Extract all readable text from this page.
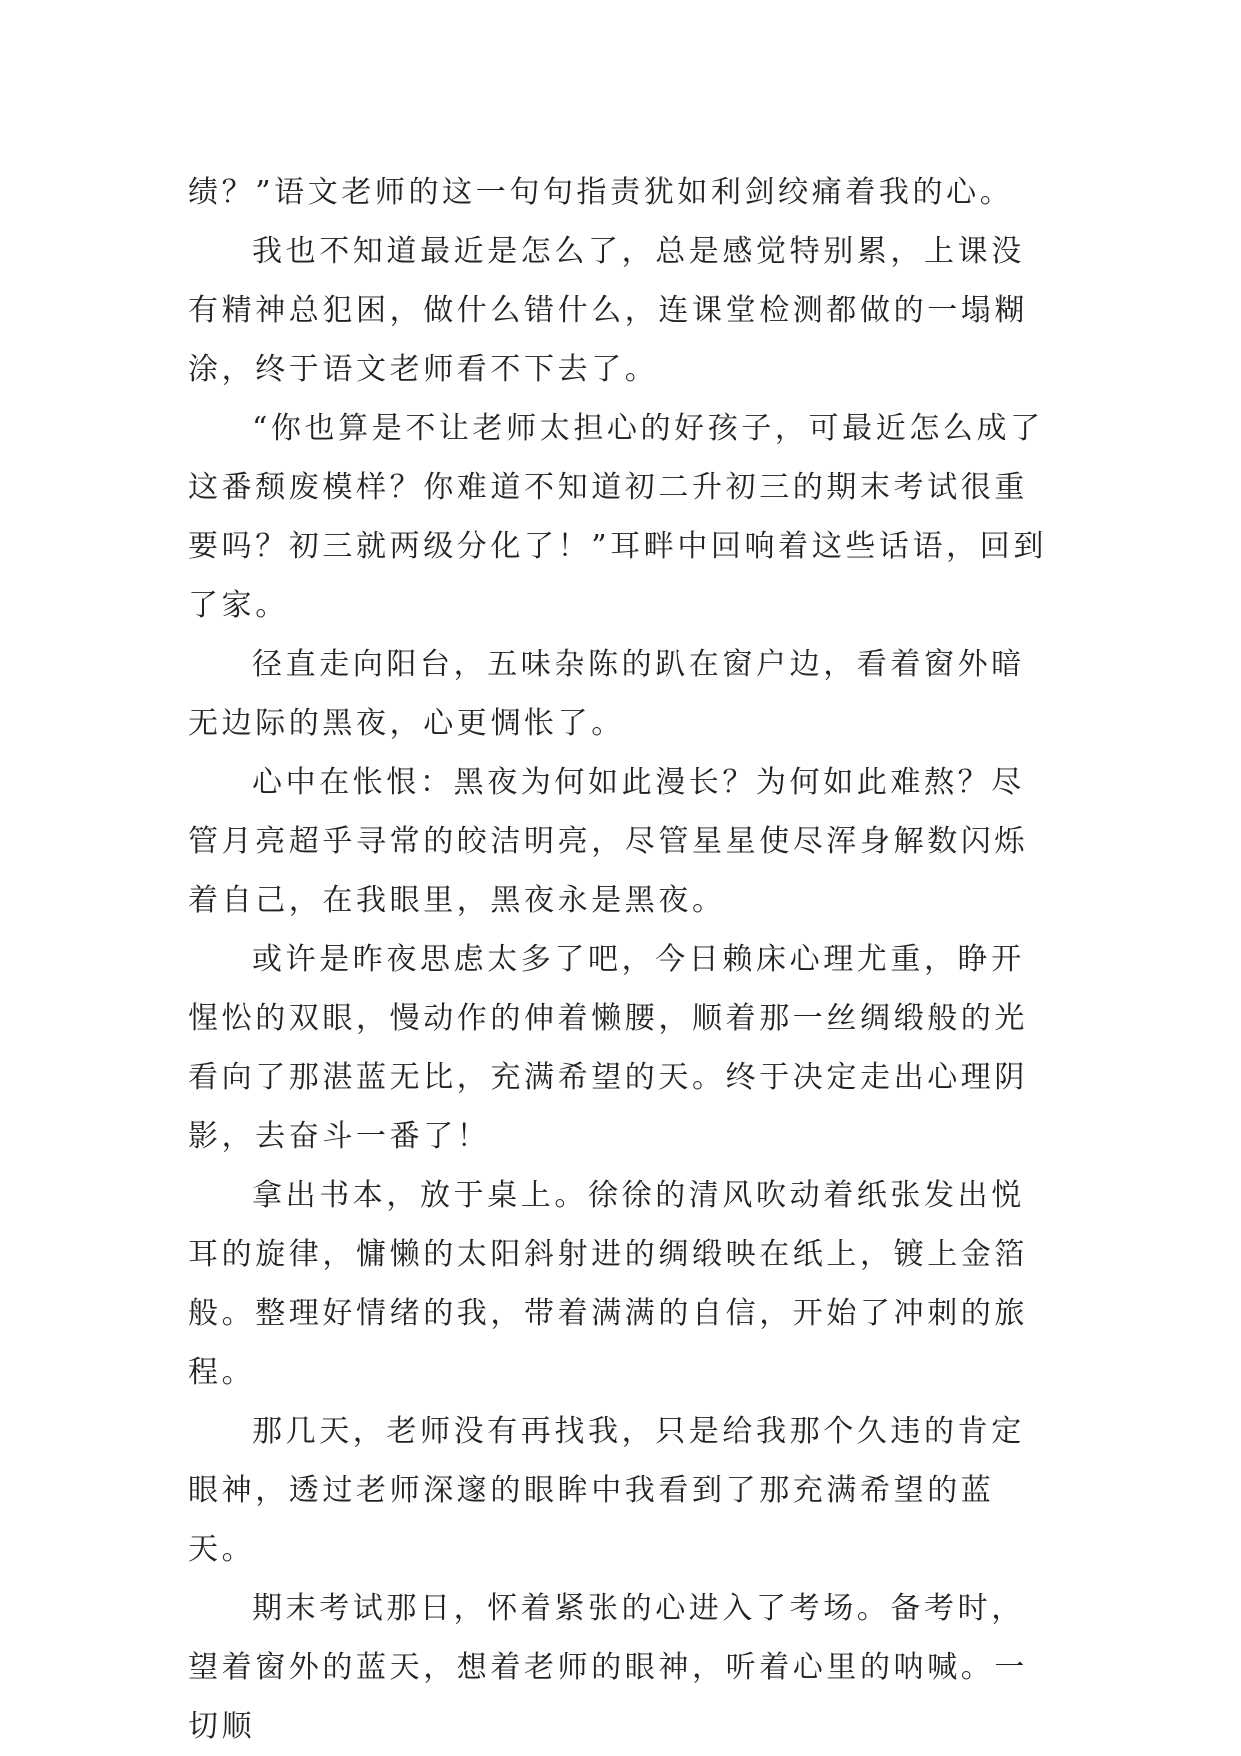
绩？”语文老师的这一句句指责犹如利剑绞痛着我的心。

我也不知道最近是怎么了，总是感觉特别累，上课没有精神总犯困，做什么错什么，连课堂检测都做的一塌糊涂，终于语文老师看不下去了。

“你也算是不让老师太担心的好孩子，可最近怎么成了这番颓废模样？你难道不知道初二升初三的期末考试很重要吗？初三就两级分化了！”耳畔中回响着这些话语，回到了家。

径直走向阳台，五味杂陈的趴在窗户边，看着窗外暗无边际的黑夜，心更惆怅了。

心中在怅恨：黑夜为何如此漫长？为何如此难熬？尽管月亮超乎寻常的皎洁明亮，尽管星星使尽浑身解数闪烁着自己，在我眼里，黑夜永是黑夜。

或许是昨夜思虑太多了吧，今日赖床心理尤重，睁开惺忪的双眼，慢动作的伸着懒腰，顺着那一丝绸缎般的光看向了那湛蓝无比，充满希望的天。终于决定走出心理阴影，去奋斗一番了！

拿出书本，放于桌上。徐徐的清风吹动着纸张发出悦耳的旋律，慵懒的太阳斜射进的绸缎映在纸上，镀上金箔般。整理好情绪的我，带着满满的自信，开始了冲刺的旅程。

那几天，老师没有再找我，只是给我那个久违的肯定眼神，透过老师深邃的眼眸中我看到了那充满希望的蓝天。

期末考试那日，怀着紧张的心进入了考场。备考时，望着窗外的蓝天，想着老师的眼神，听着心里的呐喊。一切顺
